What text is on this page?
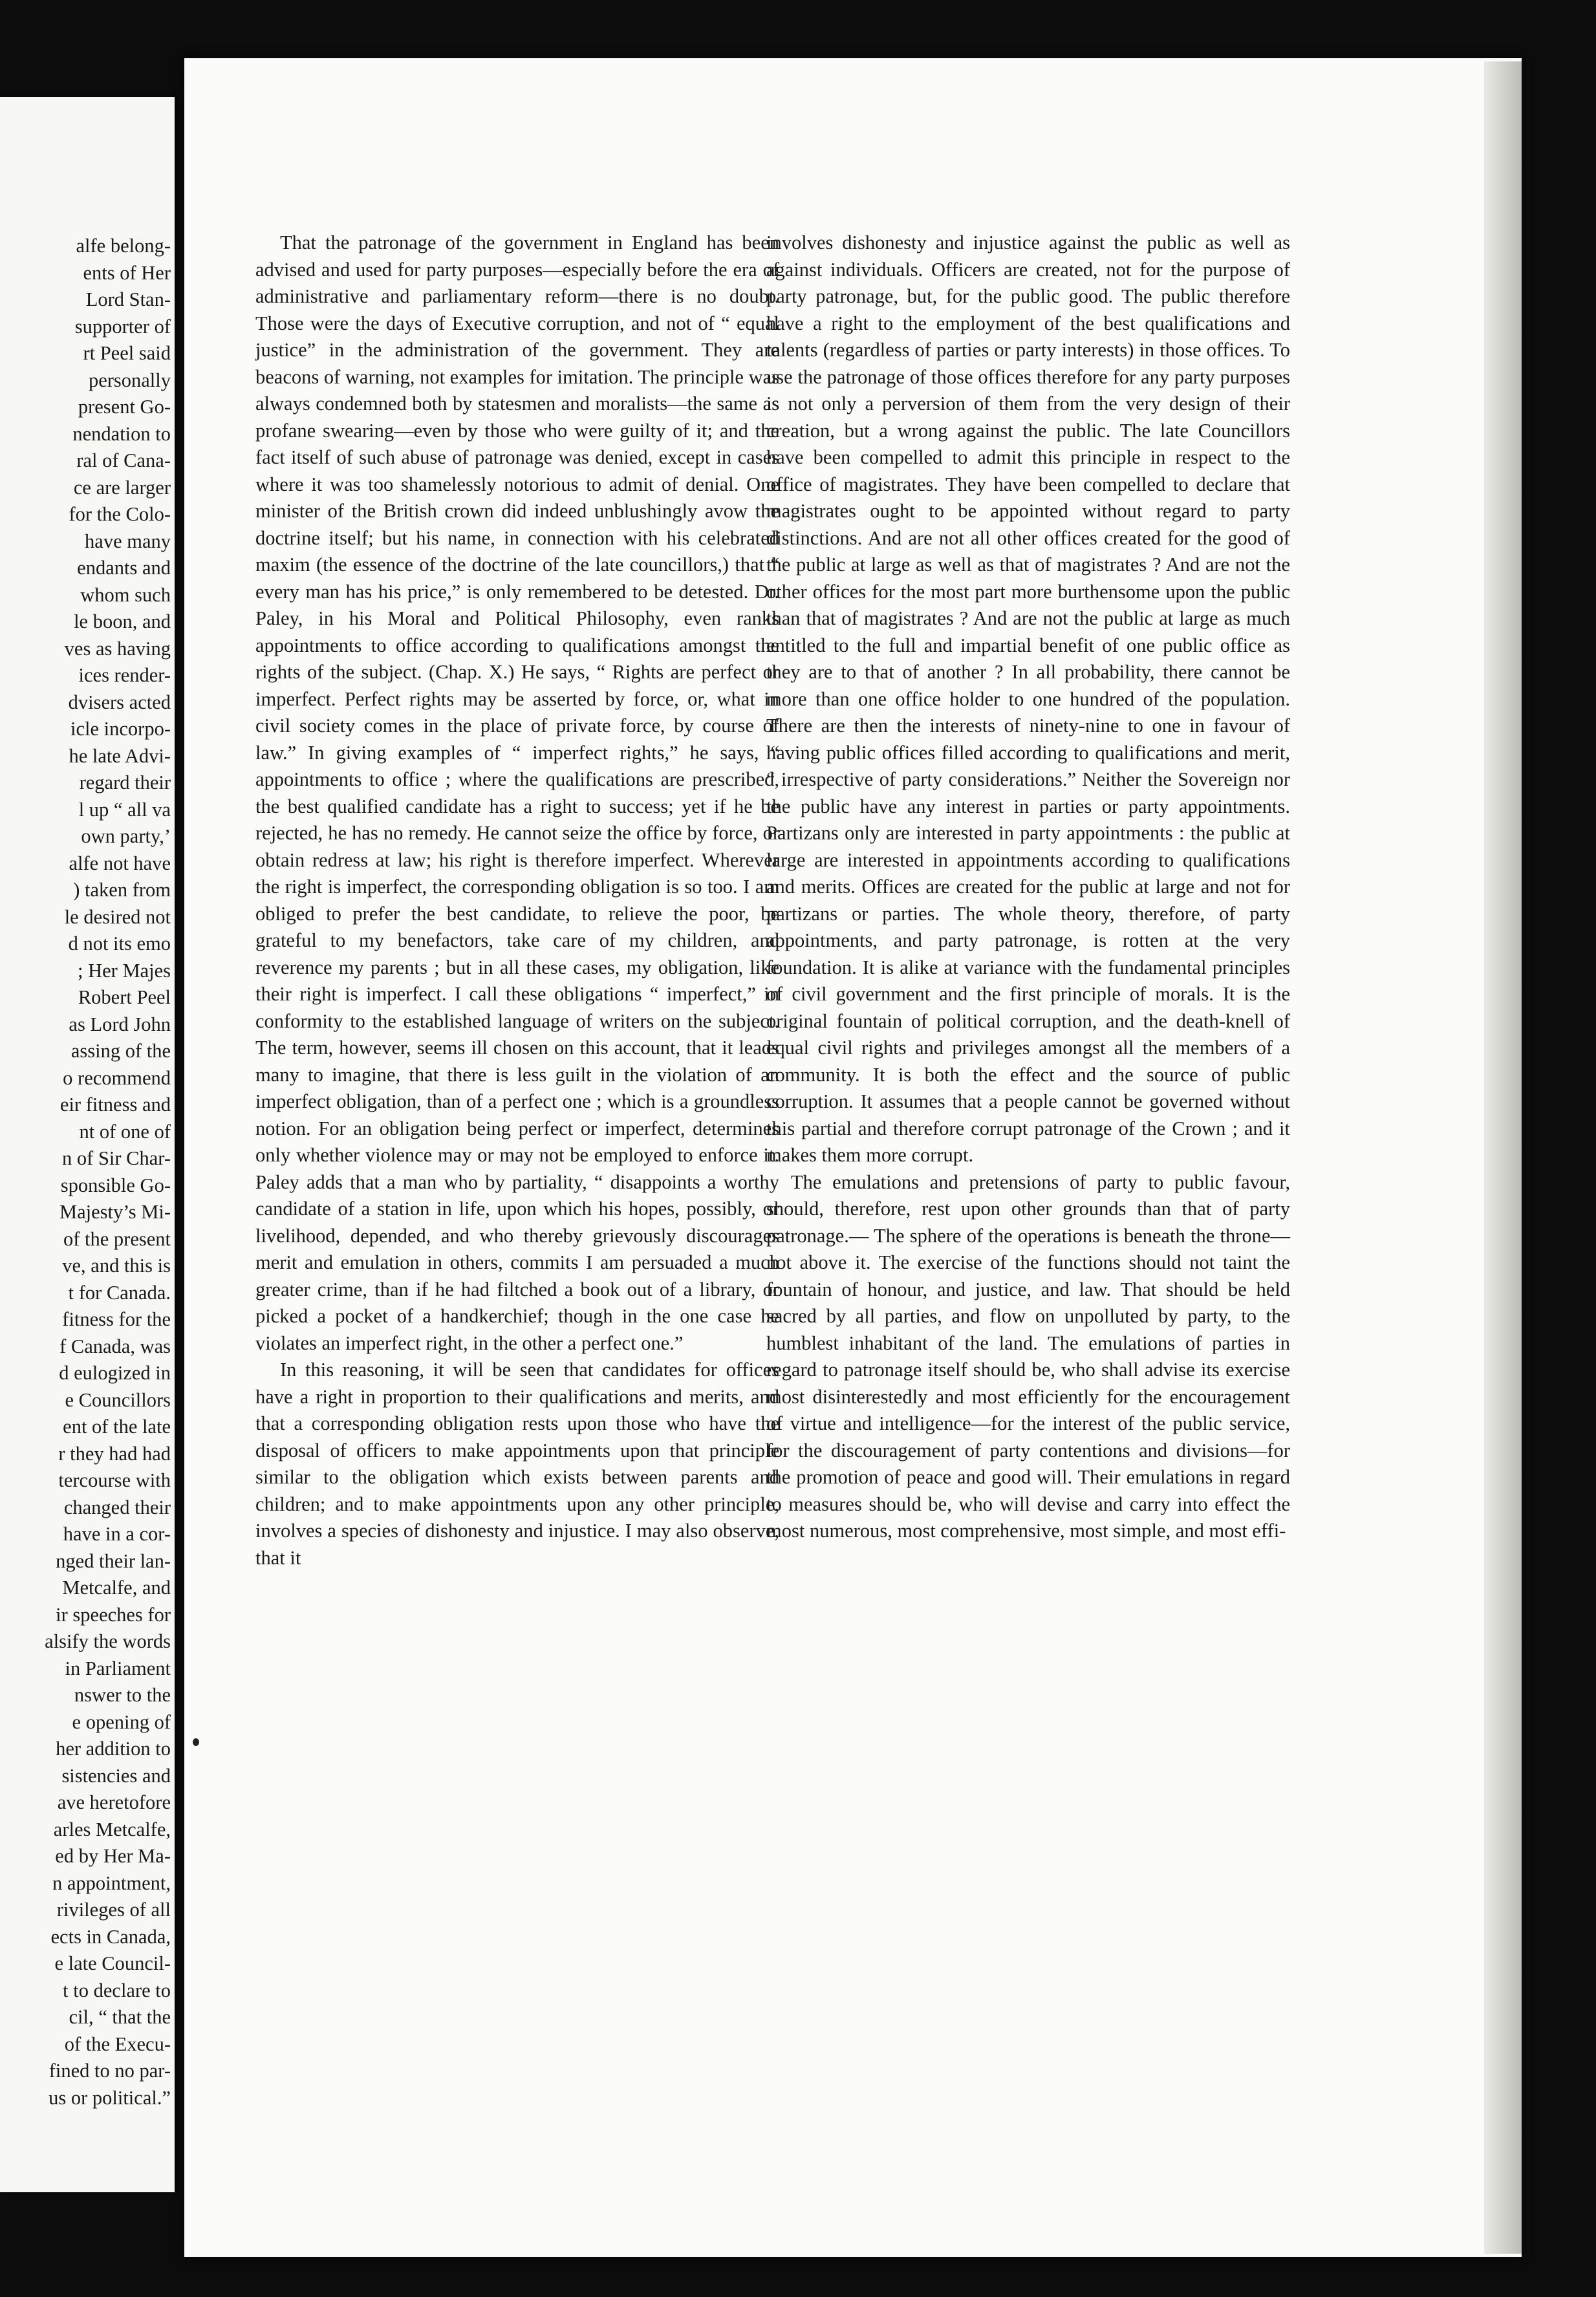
alfe belong-
ents of Her
Lord Stan-
supporter of
rt Peel said
personally
present Go-
nendation to
ral of Cana-
ce are larger
for the Colo-
have many
endants and
whom such
le boon, and
ves as having
ices render-
dvisers acted
icle incorpo-
he late Advi-
regard their
l up “ all va
own party,’
alfe not have
) taken from
le desired not
d not its emo
; Her Majes
Robert Peel
as Lord John
assing of the
o recommend
eir fitness and
nt of one of
n of Sir Char-
sponsible Go-
Majesty’s Mi-
of the present
ve, and this is
t for Canada.
fitness for the
f Canada, was
d eulogized in
e Councillors
ent of the late
r they had had
tercourse with
changed their
have in a cor-
nged their lan-
Metcalfe, and
ir speeches for
alsify the words
in Parliament
nswer to the
e opening of
her addition to
sistencies and
ave heretofore
arles Metcalfe,
ed by Her Ma-
n appointment,
rivileges of all
ects in Canada,
e late Council-
t to declare to
cil, “ that the
of the Execu-
fined to no par-
us or political.”

That the patronage of the government in England has been advised and used for party purposes—especially before the era of administrative and parliamentary reform—there is no doubt. Those were the days of Executive corruption, and not of “ equal justice” in the administration of the government. They are beacons of warning, not examples for imitation. The principle was always condemned both by statesmen and moralists—the same as profane swearing—even by those who were guilty of it; and the fact itself of such abuse of patronage was denied, except in cases where it was too shamelessly notorious to admit of denial. One minister of the British crown did indeed unblushingly avow the doctrine itself; but his name, in connection with his celebrated maxim (the essence of the doctrine of the late councillors,) that “ every man has his price,” is only remembered to be detested. Dr. Paley, in his Moral and Political Philosophy, even ranks appointments to office according to qualifications amongst the rights of the subject. (Chap. X.) He says, “ Rights are perfect or imperfect. Perfect rights may be asserted by force, or, what in civil society comes in the place of private force, by course of law.” In giving examples of “ imperfect rights,” he says, “ appointments to office ; where the qualifications are prescribed, the best qualified candidate has a right to success; yet if he be rejected, he has no remedy. He cannot seize the office by force, or obtain redress at law; his right is therefore imperfect. Wherever the right is imperfect, the corresponding obligation is so too. I am obliged to prefer the best candidate, to relieve the poor, be grateful to my benefactors, take care of my children, and reverence my parents ; but in all these cases, my obligation, like their right is imperfect. I call these obligations “ imperfect,” in conformity to the established language of writers on the subject. The term, however, seems ill chosen on this account, that it leads many to imagine, that there is less guilt in the violation of an imperfect obligation, than of a perfect one ; which is a groundless notion. For an obligation being perfect or imperfect, determines only whether violence may or may not be employed to enforce it. Paley adds that a man who by partiality, “ disappoints a worthy candidate of a station in life, upon which his hopes, possibly, or livelihood, depended, and who thereby grievously discourages merit and emulation in others, commits I am persuaded a much greater crime, than if he had filtched a book out of a library, or picked a pocket of a handkerchief; though in the one case he violates an imperfect right, in the other a perfect one.”

In this reasoning, it will be seen that candidates for offices have a right in proportion to their qualifications and merits, and that a corresponding obligation rests upon those who have the disposal of officers to make appointments upon that principle similar to the obligation which exists between parents and children; and to make appointments upon any other principle, involves a species of dishonesty and injustice. I may also observe, that it

involves dishonesty and injustice against the public as well as against individuals. Officers are created, not for the purpose of party patronage, but, for the public good. The public therefore have a right to the employment of the best qualifications and talents (regardless of parties or party interests) in those offices. To use the patronage of those offices therefore for any party purposes is not only a perversion of them from the very design of their creation, but a wrong against the public. The late Councillors have been compelled to admit this principle in respect to the office of magistrates. They have been compelled to declare that magistrates ought to be appointed without regard to party distinctions. And are not all other offices created for the good of the public at large as well as that of magistrates ? And are not the other offices for the most part more burthensome upon the public than that of magistrates ? And are not the public at large as much entitled to the full and impartial benefit of one public office as they are to that of another ? In all probability, there cannot be more than one office holder to one hundred of the population. There are then the interests of ninety-nine to one in favour of having public offices filled according to qualifications and merit, “ irrespective of party considerations.” Neither the Sovereign nor the public have any interest in parties or party appointments. Partizans only are interested in party appointments : the public at large are interested in appointments according to qualifications and merits. Offices are created for the public at large and not for partizans or parties. The whole theory, therefore, of party appointments, and party patronage, is rotten at the very foundation. It is alike at variance with the fundamental principles of civil government and the first principle of morals. It is the original fountain of political corruption, and the death-knell of equal civil rights and privileges amongst all the members of a community. It is both the effect and the source of public corruption. It assumes that a people cannot be governed without this partial and therefore corrupt patronage of the Crown ; and it makes them more corrupt.

The emulations and pretensions of party to public favour, should, therefore, rest upon other grounds than that of party patronage.— The sphere of the operations is beneath the throne—not above it. The exercise of the functions should not taint the fountain of honour, and justice, and law. That should be held sacred by all parties, and flow on unpolluted by party, to the humblest inhabitant of the land. The emulations of parties in regard to patronage itself should be, who shall advise its exercise most disinterestedly and most efficiently for the encouragement of virtue and intelligence—for the interest of the public service, for the discouragement of party contentions and divisions—for the promotion of peace and good will. Their emulations in regard to measures should be, who will devise and carry into effect the most numerous, most comprehensive, most simple, and most effi-
